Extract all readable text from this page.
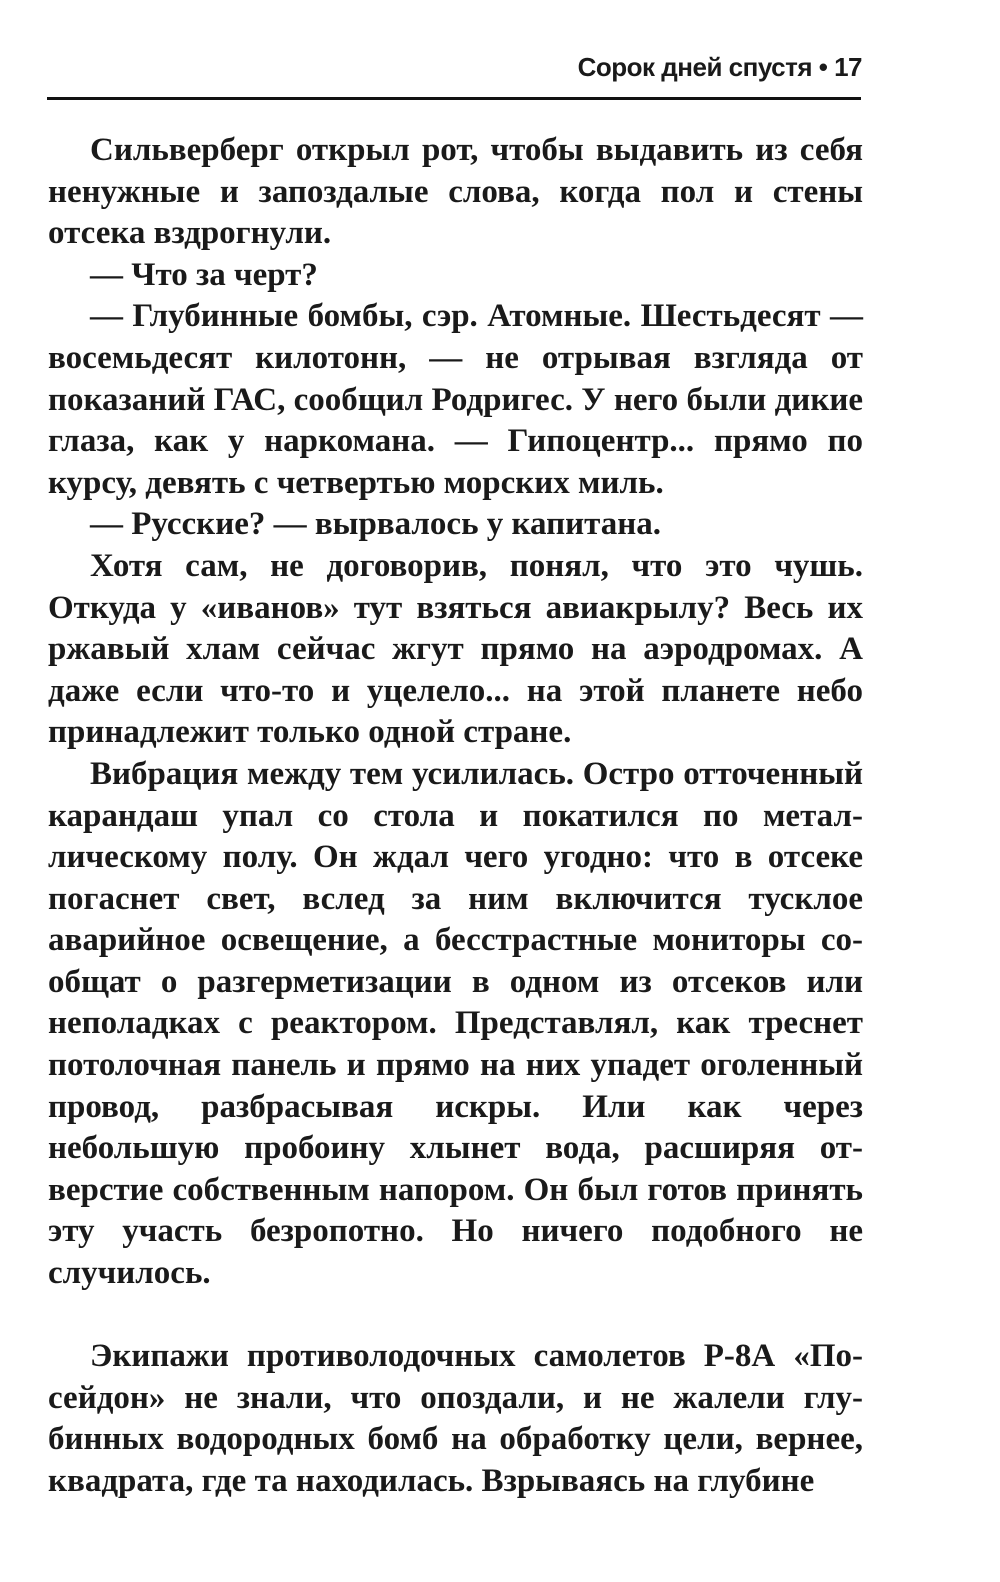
Сорок дней спустя • 17

Сильверберг открыл рот, чтобы выдавить из себя ненужные и запоздалые слова, когда пол и стены отсека вздрогнули.

— Что за черт?

— Глубинные бомбы, сэр. Атомные. Шестьдесят — восемьдесят килотонн, — не отрывая взгляда от показаний ГАС, сообщил Родригес. У него были дикие глаза, как у наркомана. — Гипоцентр... прямо по курсу, девять с четвертью морских миль.

— Русские? — вырвалось у капитана.

Хотя сам, не договорив, понял, что это чушь. Откуда у «иванов» тут взяться авиакрылу? Весь их ржавый хлам сейчас жгут прямо на аэродромах. А даже если что-то и уцелело... на этой планете небо принадлежит только одной стране.

Вибрация между тем усилилась. Остро отточенный карандаш упал со стола и покатился по металлическому полу. Он ждал чего угодно: что в отсеке погаснет свет, вслед за ним включится тусклое аварийное освещение, а бесстрастные мониторы сообщат о разгерметизации в одном из отсеков или неполадках с реактором. Представлял, как треснет потолочная панель и прямо на них упадет оголенный провод, разбрасывая искры. Или как через небольшую пробоину хлынет вода, расширяя отверстие собственным напором. Он был готов принять эту участь безропотно. Но ничего подобного не случилось.

Экипажи противолодочных самолетов Р-8А «Посейдон» не знали, что опоздали, и не жалели глубинных водородных бомб на обработку цели, вернее, квадрата, где та находилась. Взрываясь на глубине
